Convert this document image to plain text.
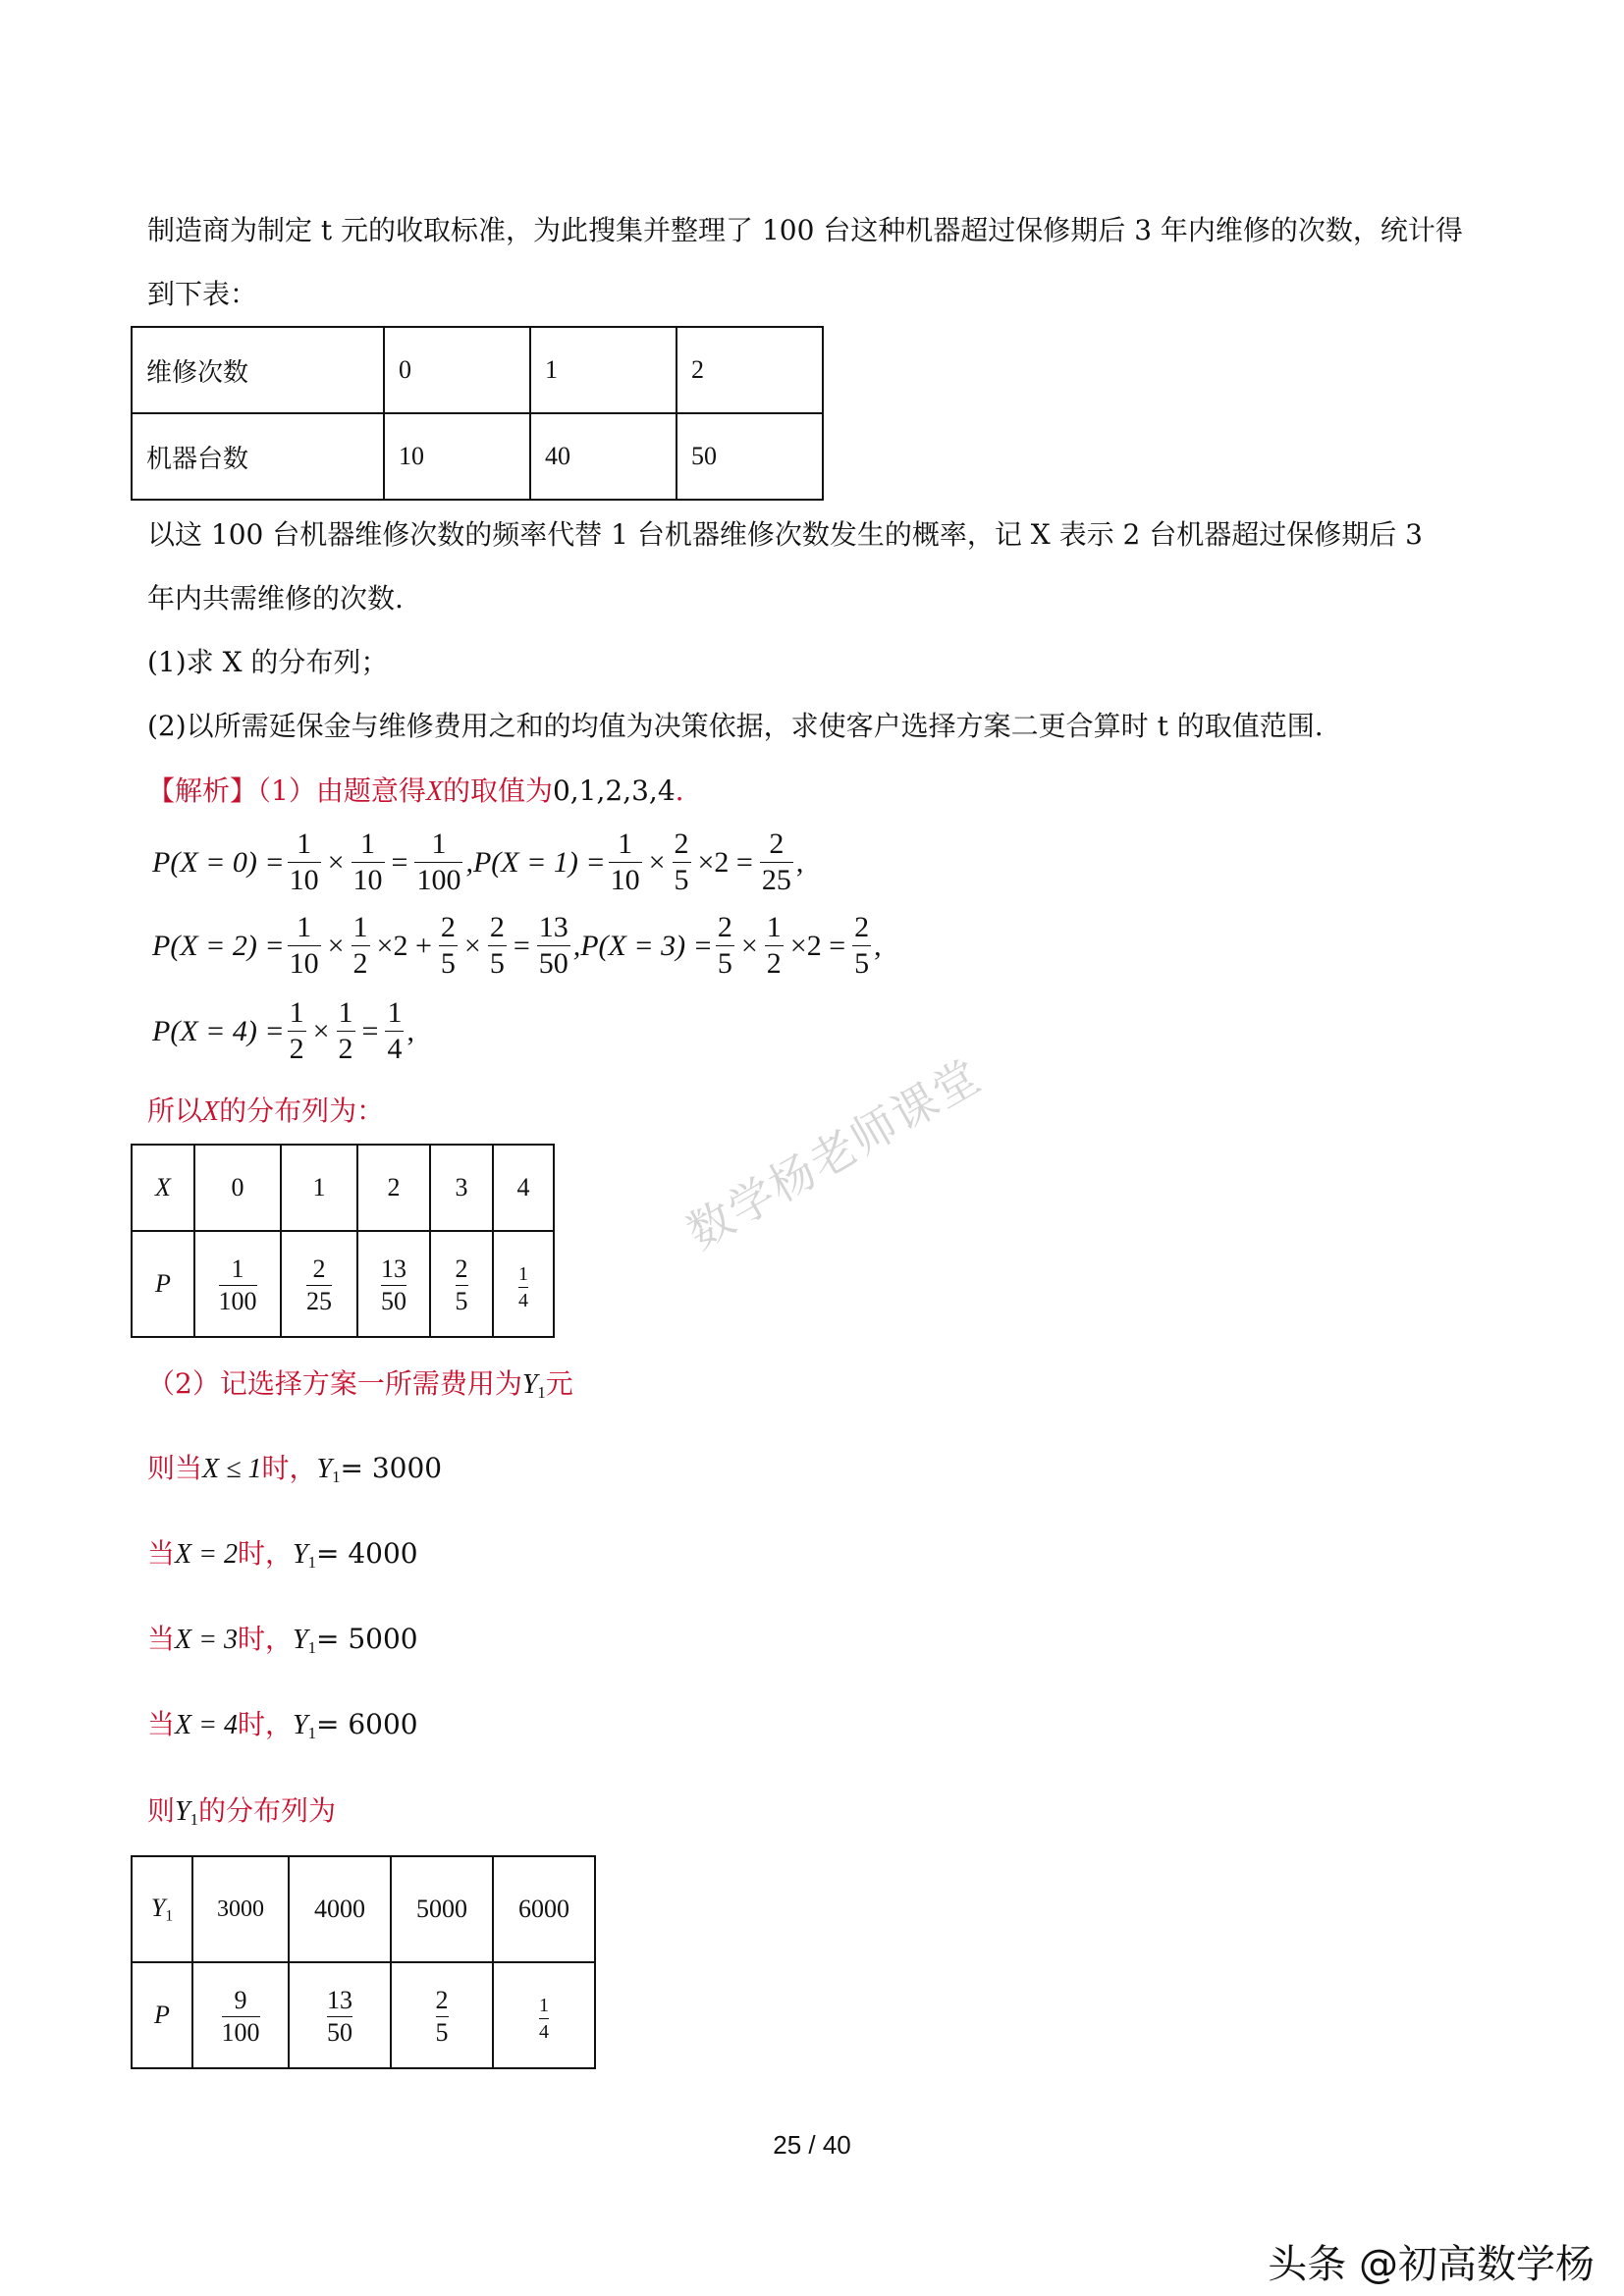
制造商为制定 t 元的收取标准，为此搜集并整理了 100 台这种机器超过保修期后 3 年内维修的次数，统计得
到下表：
维修次数	0	1	2
机器台数	10	40	50
以这 100 台机器维修次数的频率代替 1 台机器维修次数发生的概率，记 X 表示 2 台机器超过保修期后 3
年内共需维修的次数.
(1)求 X 的分布列；
(2)以所需延保金与维修费用之和的均值为决策依据，求使客户选择方案二更合算时 t 的取值范围.
【解析】（1）由题意得X的取值为0,1,2,3,4.
$P(X = 0) = \frac{1}{10} \times \frac{1}{10} = \frac{1}{100} ,P(X = 1) = \frac{1}{10} \times \frac{2}{5} \times 2 = \frac{2}{25}$ ,
$P(X = 2) = \frac{1}{10} \times \frac{1}{2} \times 2 + \frac{2}{5} \times \frac{2}{5} = \frac{13}{50} ,P(X = 3) = \frac{2}{5} \times \frac{1}{2} \times 2 = \frac{2}{5}$ ,
$P(X = 4) = \frac{1}{2} \times \frac{1}{2} = \frac{1}{4}$ ,
所以X的分布列为：
X	0	1	2	3	4
P	$\frac{1}{100}$	$\frac{2}{25}$	$\frac{13}{50}$	$\frac{2}{5}$	$\frac{1}{4}$
数学杨老师课堂
（2）记选择方案一所需费用为$Y_1$元
则当X ≤ 1时，$Y_1= 3000$
当X = 2时，$Y_1= 4000$
当X = 3时，$Y_1= 5000$
当X = 4时，$Y_1= 6000$
则$Y_1$的分布列为
$Y_1$	3000	4000	5000	6000
P	$\frac{9}{100}$	$\frac{13}{50}$	$\frac{2}{5}$	$\frac{1}{4}$
25 / 40
头条 @初高数学杨
